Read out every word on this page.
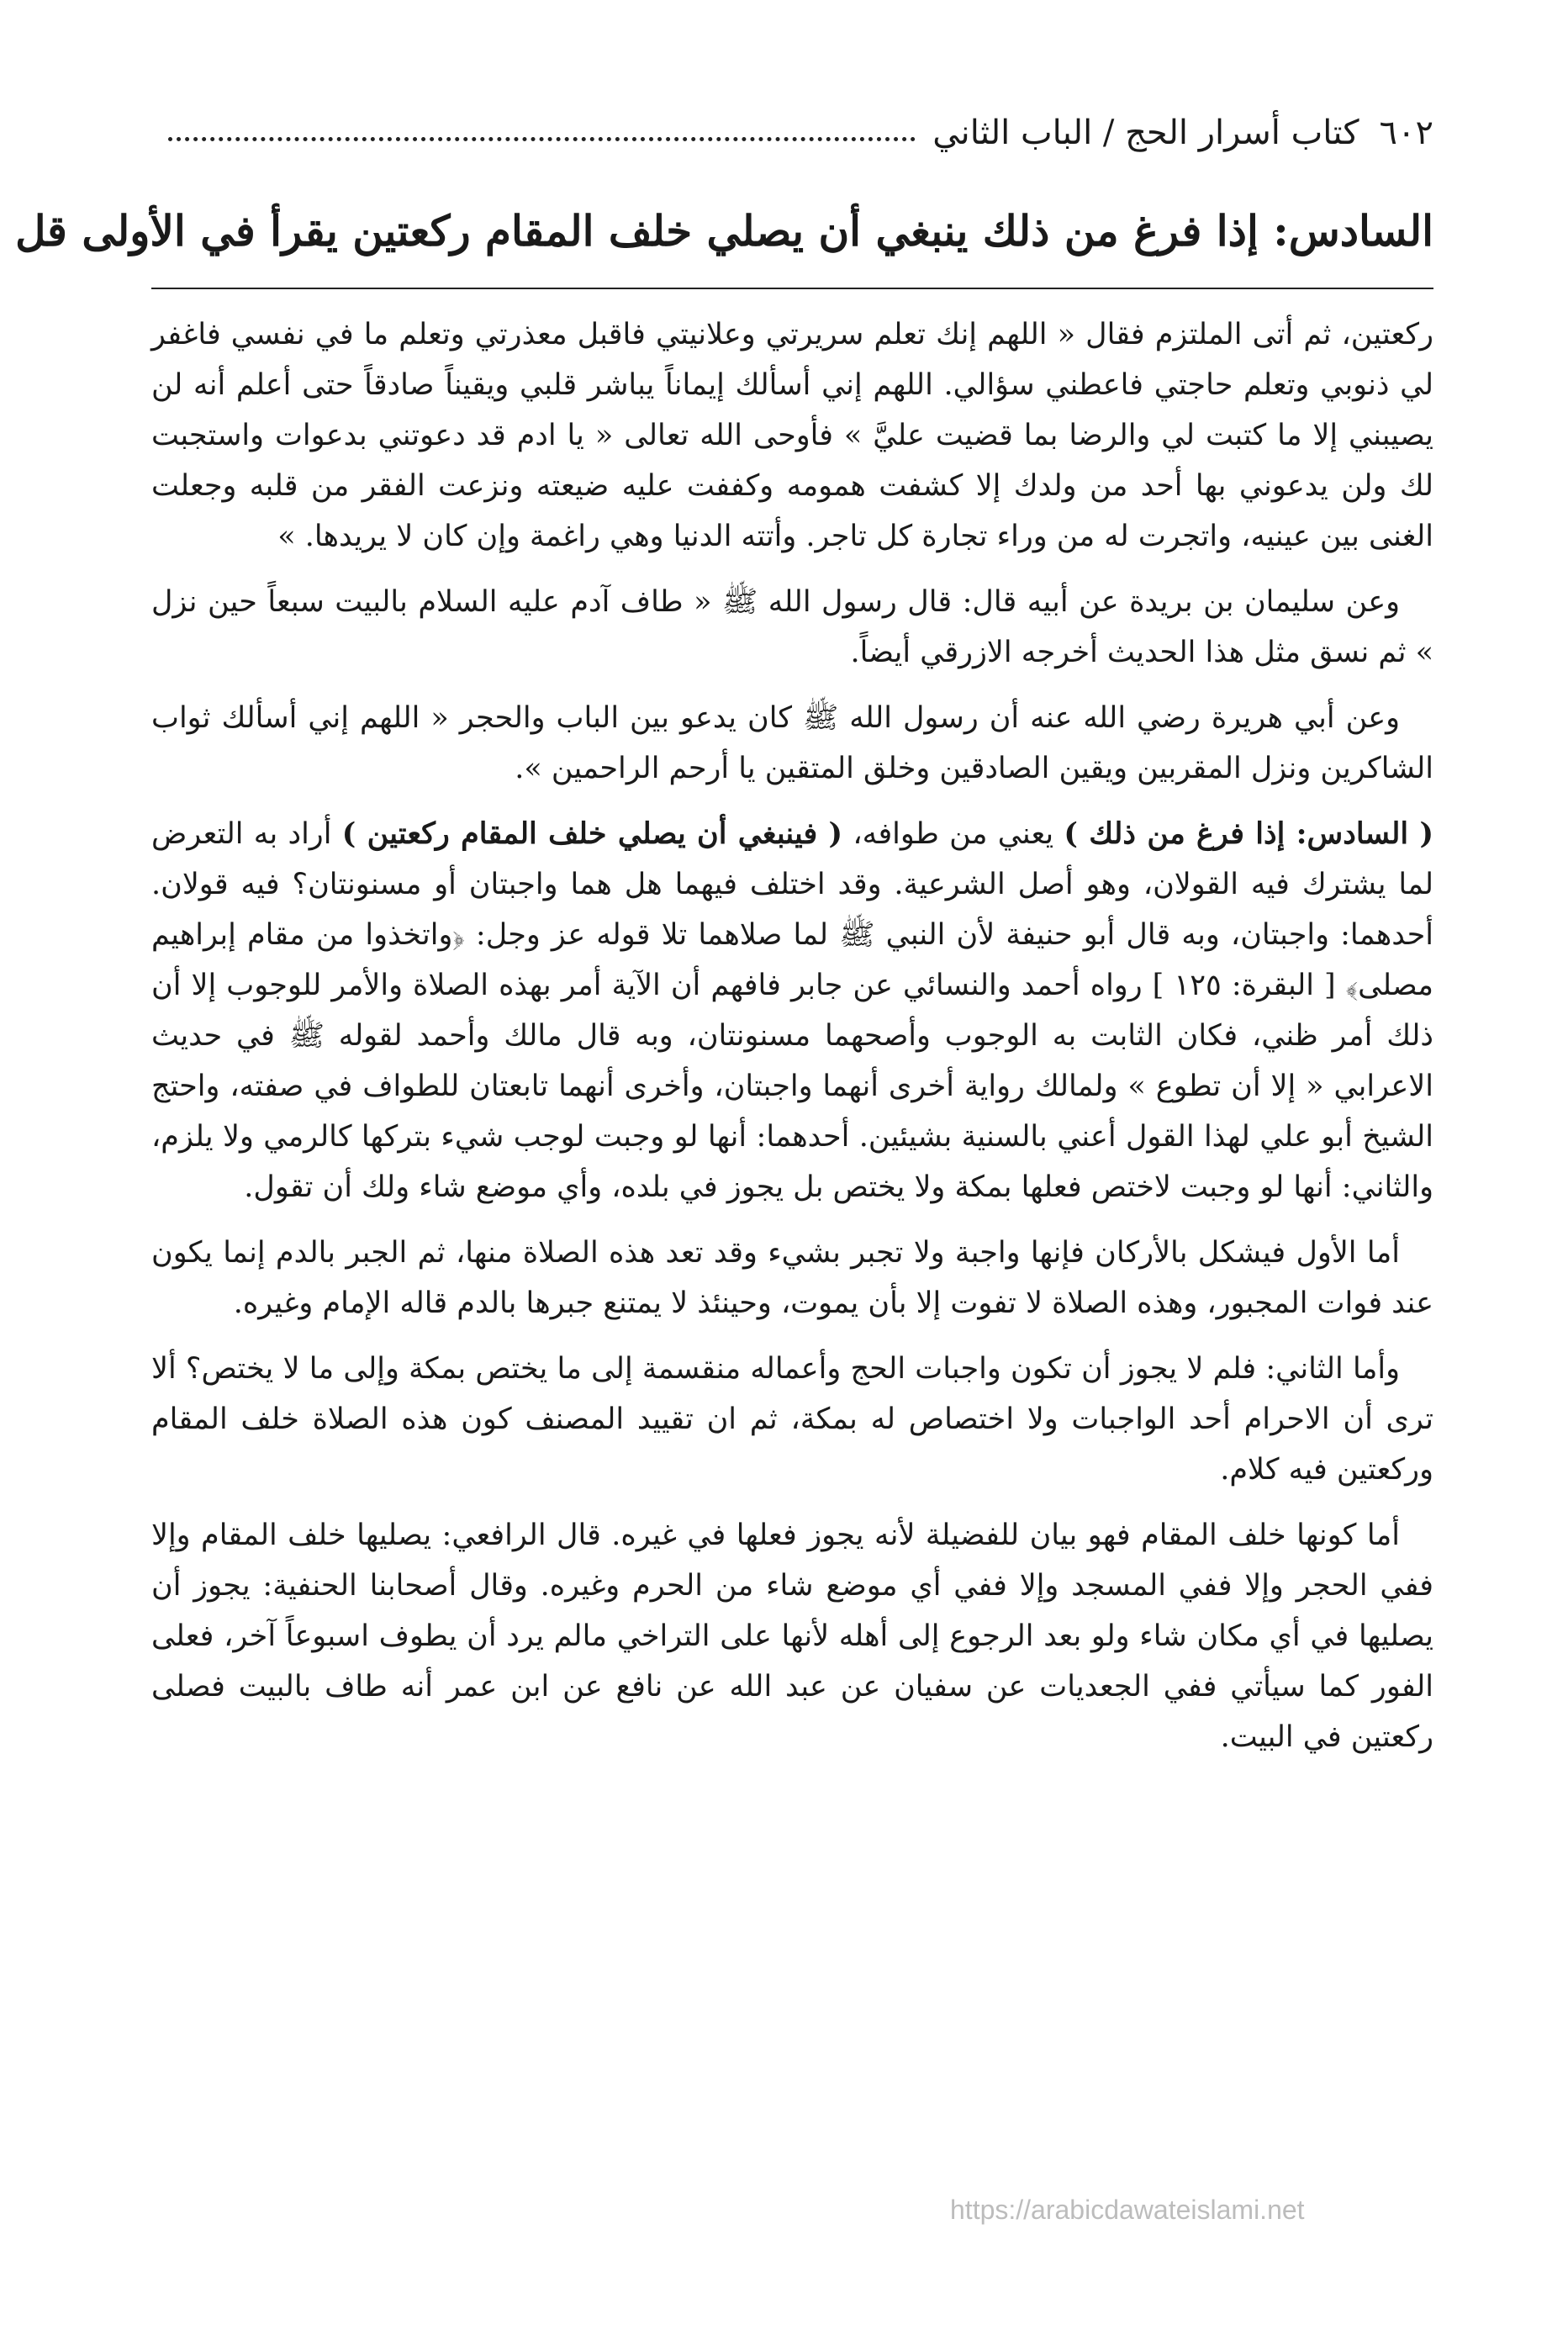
٦٠٢
كتاب أسرار الحج / الباب الثاني
السادس: إذا فرغ من ذلك ينبغي أن يصلي خلف المقام ركعتين يقرأ في الأولى قل

ركعتين، ثم أتى الملتزم فقال « اللهم إنك تعلم سريرتي وعلانيتي فاقبل معذرتي وتعلم ما في نفسي فاغفر لي ذنوبي وتعلم حاجتي فاعطني سؤالي. اللهم إني أسألك إيماناً يباشر قلبي ويقيناً صادقاً حتى أعلم أنه لن يصيبني إلا ما كتبت لي والرضا بما قضيت عليَّ » فأوحى الله تعالى « يا ادم قد دعوتني بدعوات واستجبت لك ولن يدعوني بها أحد من ولدك إلا كشفت همومه وكففت عليه ضيعته ونزعت الفقر من قلبه وجعلت الغنى بين عينيه، واتجرت له من وراء تجارة كل تاجر. وأتته الدنيا وهي راغمة وإن كان لا يريدها. »

وعن سليمان بن بريدة عن أبيه قال: قال رسول الله ﷺ « طاف آدم عليه السلام بالبيت سبعاً حين نزل » ثم نسق مثل هذا الحديث أخرجه الازرقي أيضاً.

وعن أبي هريرة رضي الله عنه أن رسول الله ﷺ كان يدعو بين الباب والحجر « اللهم إني أسألك ثواب الشاكرين ونزل المقربين ويقين الصادقين وخلق المتقين يا أرحم الراحمين ».

( السادس: إذا فرغ من ذلك ) يعني من طوافه، ( فينبغي أن يصلي خلف المقام ركعتين ) أراد به التعرض لما يشترك فيه القولان، وهو أصل الشرعية. وقد اختلف فيهما هل هما واجبتان أو مسنونتان؟ فيه قولان. أحدهما: واجبتان، وبه قال أبو حنيفة لأن النبي ﷺ لما صلاهما تلا قوله عز وجل: ﴿واتخذوا من مقام إبراهيم مصلى﴾ [ البقرة: ١٢٥ ] رواه أحمد والنسائي عن جابر فافهم أن الآية أمر بهذه الصلاة والأمر للوجوب إلا أن ذلك أمر ظني، فكان الثابت به الوجوب وأصحهما مسنونتان، وبه قال مالك وأحمد لقوله ﷺ في حديث الاعرابي « إلا أن تطوع » ولمالك رواية أخرى أنهما واجبتان، وأخرى أنهما تابعتان للطواف في صفته، واحتج الشيخ أبو علي لهذا القول أعني بالسنية بشيئين. أحدهما: أنها لو وجبت لوجب شيء بتركها كالرمي ولا يلزم، والثاني: أنها لو وجبت لاختص فعلها بمكة ولا يختص بل يجوز في بلده، وأي موضع شاء ولك أن تقول.

أما الأول فيشكل بالأركان فإنها واجبة ولا تجبر بشيء وقد تعد هذه الصلاة منها، ثم الجبر بالدم إنما يكون عند فوات المجبور، وهذه الصلاة لا تفوت إلا بأن يموت، وحينئذ لا يمتنع جبرها بالدم قاله الإمام وغيره.

وأما الثاني: فلم لا يجوز أن تكون واجبات الحج وأعماله منقسمة إلى ما يختص بمكة وإلى ما لا يختص؟ ألا ترى أن الاحرام أحد الواجبات ولا اختصاص له بمكة، ثم ان تقييد المصنف كون هذه الصلاة خلف المقام وركعتين فيه كلام.

أما كونها خلف المقام فهو بيان للفضيلة لأنه يجوز فعلها في غيره. قال الرافعي: يصليها خلف المقام وإلا ففي الحجر وإلا ففي المسجد وإلا ففي أي موضع شاء من الحرم وغيره. وقال أصحابنا الحنفية: يجوز أن يصليها في أي مكان شاء ولو بعد الرجوع إلى أهله لأنها على التراخي مالم يرد أن يطوف اسبوعاً آخر، فعلى الفور كما سيأتي ففي الجعديات عن سفيان عن عبد الله عن نافع عن ابن عمر أنه طاف بالبيت فصلى ركعتين في البيت.

https://arabicdawateislami.net
